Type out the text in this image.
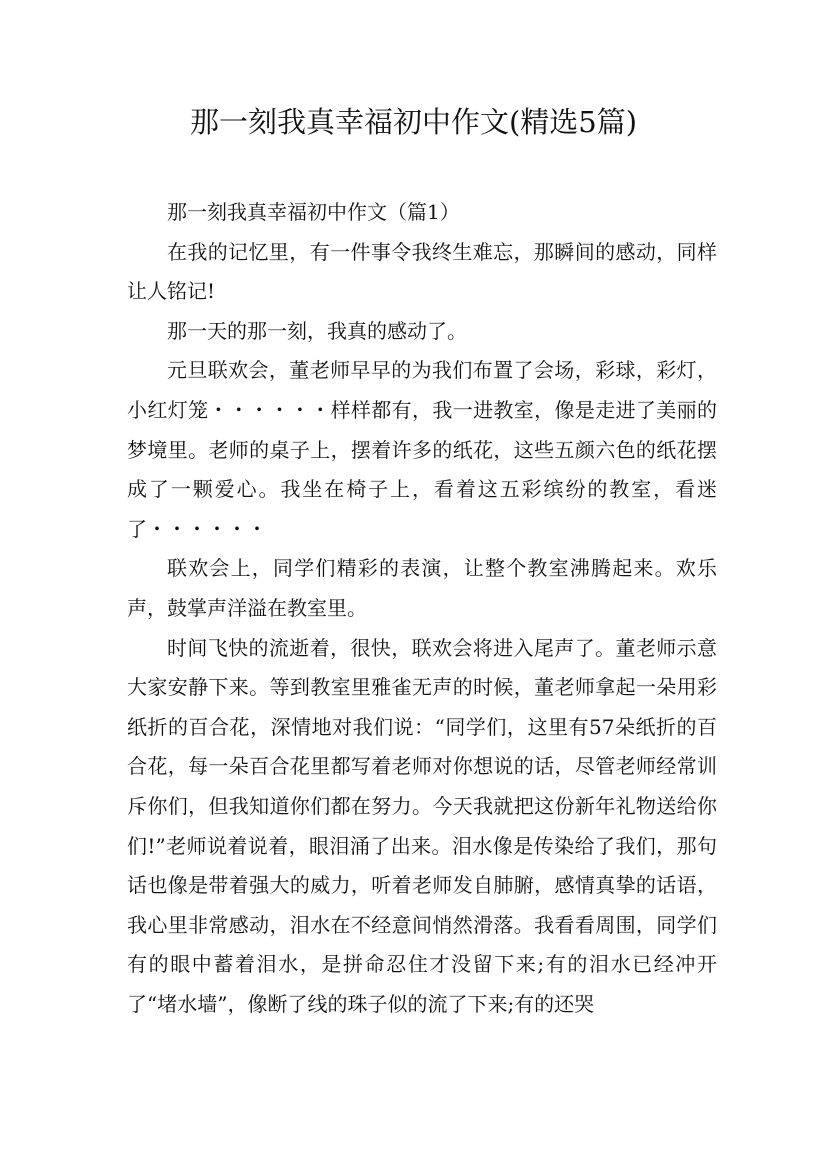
那一刻我真幸福初中作文(精选5篇)

那一刻我真幸福初中作文（篇1）

在我的记忆里，有一件事令我终生难忘，那瞬间的感动，同样让人铭记!

那一天的那一刻，我真的感动了。

元旦联欢会，董老师早早的为我们布置了会场，彩球，彩灯，小红灯笼・・・・・・样样都有，我一进教室，像是走进了美丽的梦境里。老师的桌子上，摆着许多的纸花，这些五颜六色的纸花摆成了一颗爱心。我坐在椅子上，看着这五彩缤纷的教室，看迷了・・・・・・

联欢会上，同学们精彩的表演，让整个教室沸腾起来。欢乐声，鼓掌声洋溢在教室里。

时间飞快的流逝着，很快，联欢会将进入尾声了。董老师示意大家安静下来。等到教室里雅雀无声的时候，董老师拿起一朵用彩纸折的百合花，深情地对我们说：“同学们，这里有57朵纸折的百合花，每一朵百合花里都写着老师对你想说的话，尽管老师经常训斥你们，但我知道你们都在努力。今天我就把这份新年礼物送给你们!”老师说着说着，眼泪涌了出来。泪水像是传染给了我们，那句话也像是带着强大的威力，听着老师发自肺腑，感情真挚的话语，我心里非常感动，泪水在不经意间悄然滑落。我看看周围，同学们有的眼中蓄着泪水，是拼命忍住才没留下来;有的泪水已经冲开了“堵水墙”，像断了线的珠子似的流了下来;有的还哭
